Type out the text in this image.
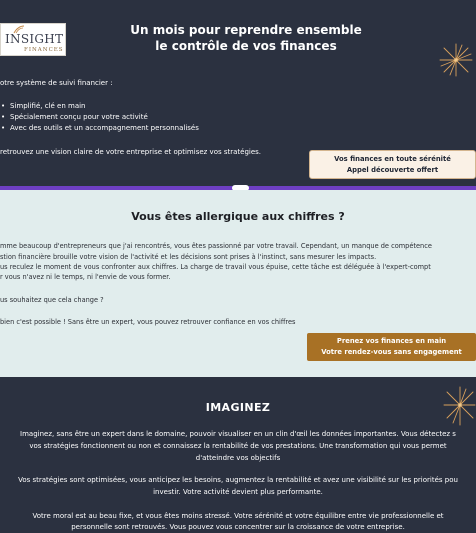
INSIGHT
FINANCES
Un mois pour reprendre ensemble
le contrôle de vos finances
otre système de suivi financier :
• Simplifié, clé en main
• Spécialement conçu pour votre activité
• Avec des outils et un accompagnement personnalisés
retrouvez une vision claire de votre entreprise et optimisez vos stratégies.
Vos finances en toute sérénité
Appel découverte offert
Vous êtes allergique aux chiffres ?
mme beaucoup d'entrepreneurs que j'ai rencontrés, vous êtes passionné par votre travail. Cependant, un manque de compétence
stion financière brouille votre vision de l'activité et les décisions sont prises à l'instinct, sans mesurer les impacts.
us reculez le moment de vous confronter aux chiffres. La charge de travail vous épuise, cette tâche est déléguée à l'expert-compt
r vous n'avez ni le temps, ni l'envie de vous former.
us souhaitez que cela change ?
bien c'est possible ! Sans être un expert, vous pouvez retrouver confiance en vos chiffres
Prenez vos finances en main
Votre rendez-vous sans engagement
IMAGINEZ
Imaginez, sans être un expert dans le domaine, pouvoir visualiser en un clin d'œil les données importantes. Vous détectez s
vos stratégies fonctionnent ou non et connaissez la rentabilité de vos prestations. Une transformation qui vous permet
d'atteindre vos objectifs
Vos stratégies sont optimisées, vous anticipez les besoins, augmentez la rentabilité et avez une visibilité sur les priorités pou
investir. Votre activité devient plus performante.
Votre moral est au beau fixe, et vous êtes moins stressé. Votre sérénité et votre équilibre entre vie professionnelle et
personnelle sont retrouvés. Vous pouvez vous concentrer sur la croissance de votre entreprise.
